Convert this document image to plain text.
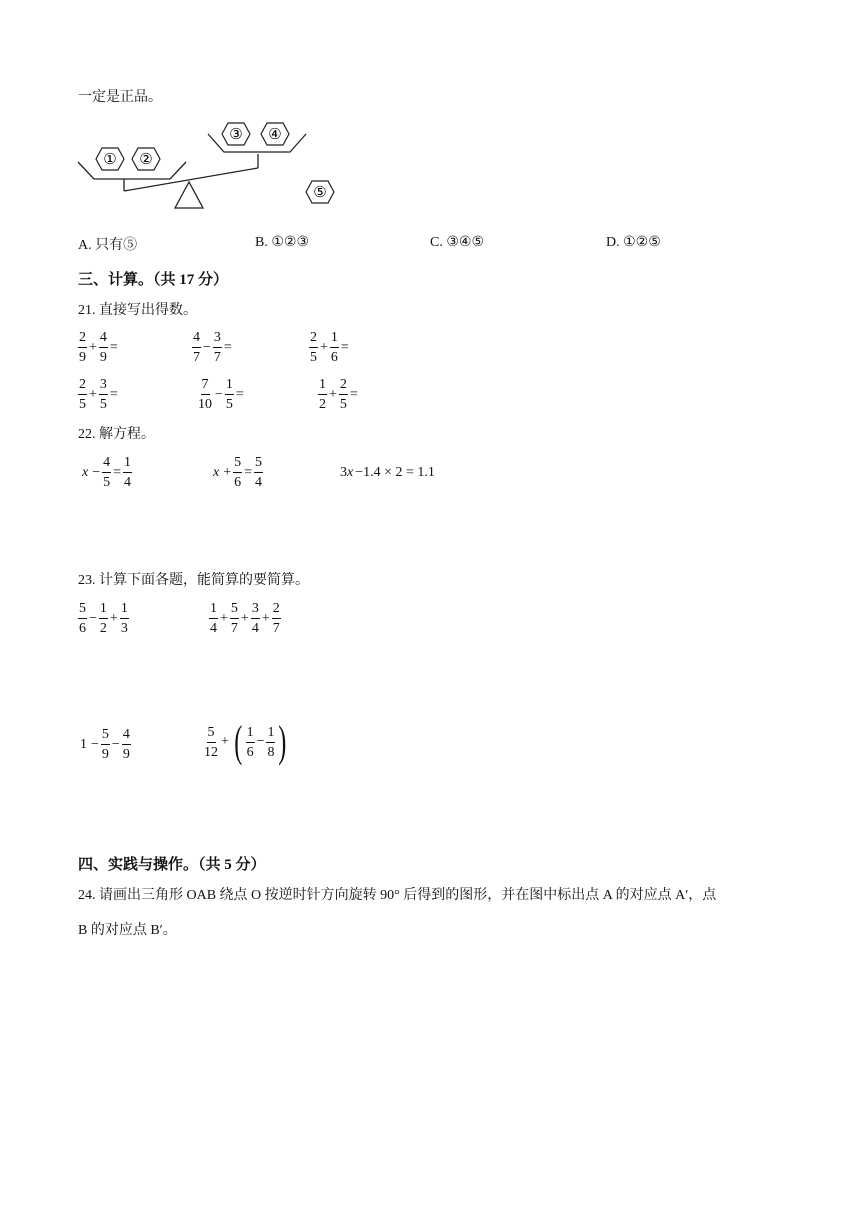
一定是正品。
① ②
③ ④
⑤
A. 只有⑤	B. ①②③	C. ③④⑤	D. ①②⑤
三、计算。（共 17 分）
21. 直接写出得数。
$\frac{2}{9} + \frac{4}{9}$ =	$\frac{4}{7} - \frac{3}{7}$ =	$\frac{2}{5} + \frac{1}{6}$ =
$\frac{2}{5} + \frac{3}{5}$ =	$\frac{7}{10} - \frac{1}{5}$ =	$\frac{1}{2} + \frac{2}{5}$ =
22. 解方程。
$x - \frac{4}{5} = \frac{1}{4}$	$x + \frac{5}{6} = \frac{5}{4}$	3 x −1.4 × 2 = 1.1
23. 计算下面各题，能简算的要简算。
$\frac{5}{6} - \frac{1}{2} + \frac{1}{3}$	$\frac{1}{4} + \frac{5}{7} + \frac{3}{4} + \frac{2}{7}$
$1 - \frac{5}{9} - \frac{4}{9}$	$\frac{5}{12}$ + ( $\frac{1}{6} - \frac{1}{8}$ )
四、实践与操作。（共 5 分）
24. 请画出三角形 OAB 绕点 O 按逆时针方向旋转 90° 后得到的图形，并在图中标出点 A 的对应点 A′，点
B 的对应点 B′。
